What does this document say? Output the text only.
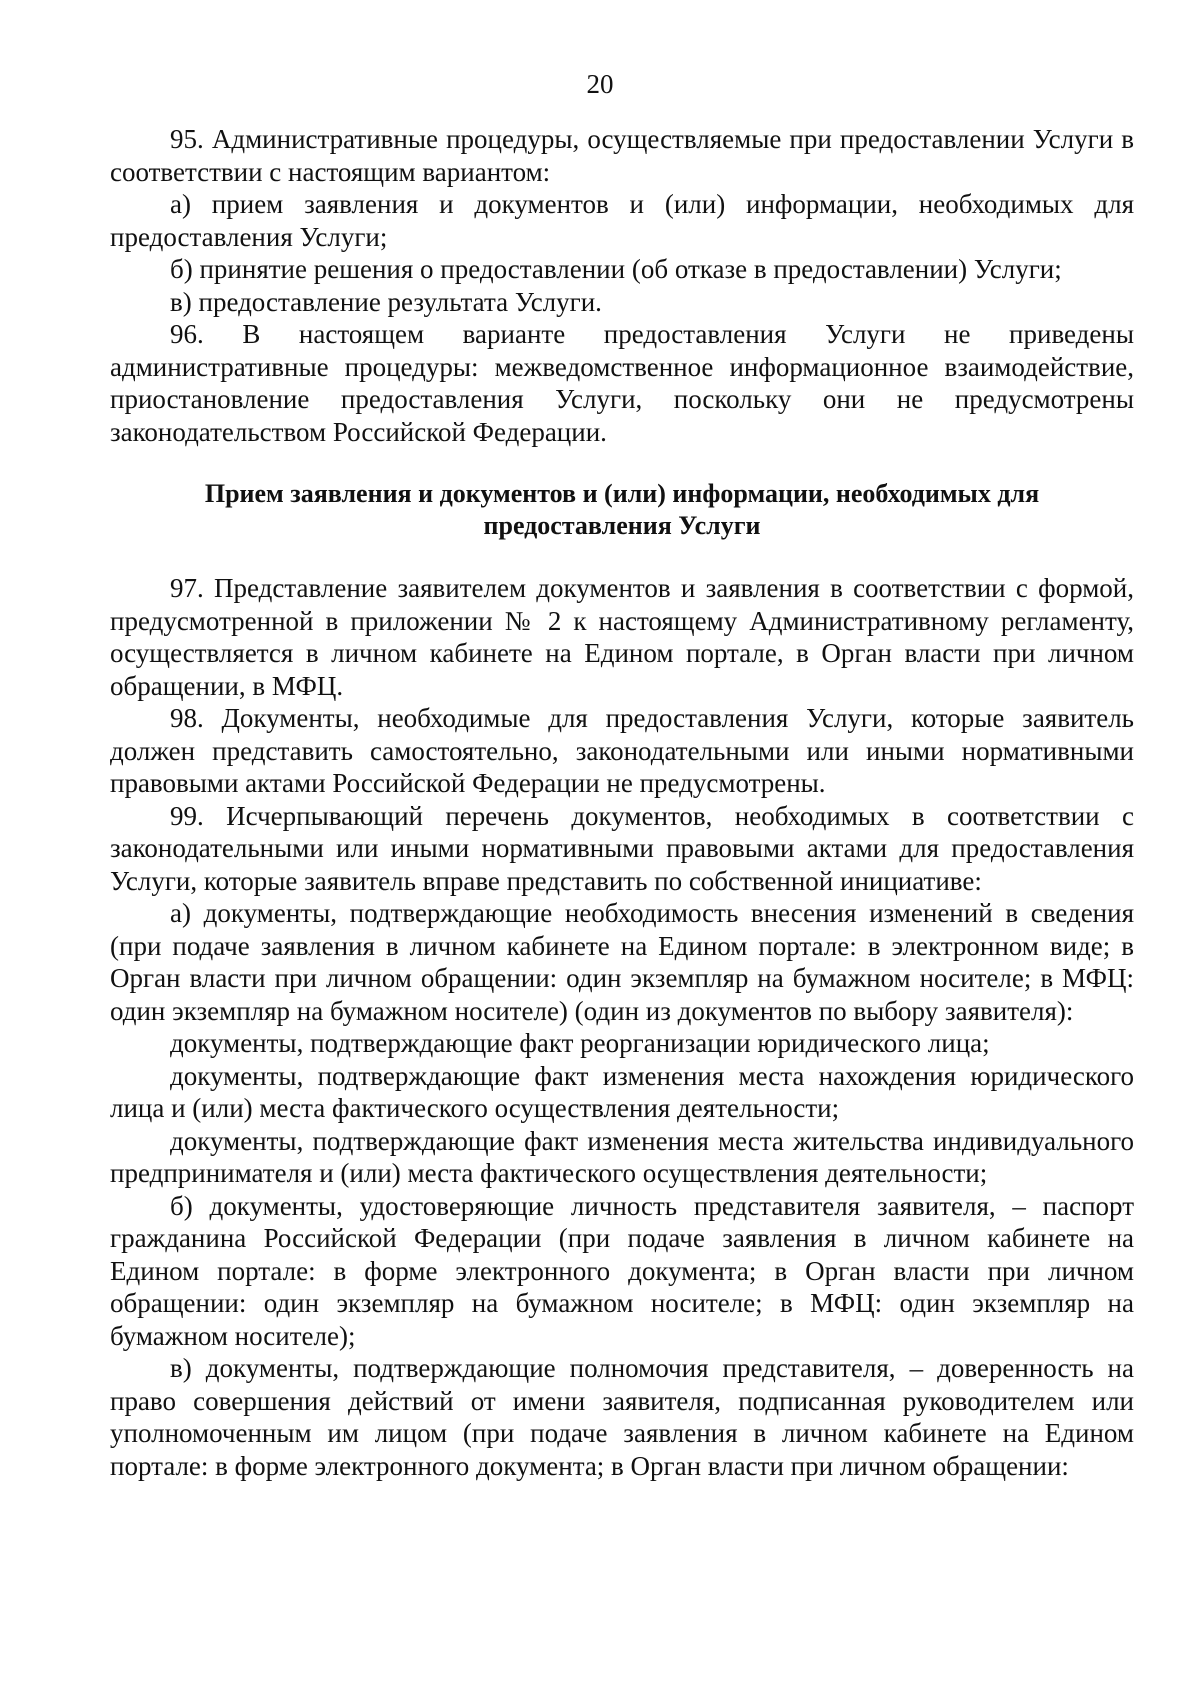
20

95. Административные процедуры, осуществляемые при предоставлении Услуги в соответствии с настоящим вариантом:

а) прием заявления и документов и (или) информации, необходимых для предоставления Услуги;

б) принятие решения о предоставлении (об отказе в предоставлении) Услуги;

в) предоставление результата Услуги.

96. В настоящем варианте предоставления Услуги не приведены административные процедуры: межведомственное информационное взаимодействие, приостановление предоставления Услуги, поскольку они не предусмотрены законодательством Российской Федерации.

Прием заявления и документов и (или) информации, необходимых для предоставления Услуги

97. Представление заявителем документов и заявления в соответствии с формой, предусмотренной в приложении № 2 к настоящему Административному регламенту, осуществляется в личном кабинете на Едином портале, в Орган власти при личном обращении, в МФЦ.

98. Документы, необходимые для предоставления Услуги, которые заявитель должен представить самостоятельно, законодательными или иными нормативными правовыми актами Российской Федерации не предусмотрены.

99. Исчерпывающий перечень документов, необходимых в соответствии с законодательными или иными нормативными правовыми актами для предоставления Услуги, которые заявитель вправе представить по собственной инициативе:

а) документы, подтверждающие необходимость внесения изменений в сведения (при подаче заявления в личном кабинете на Едином портале: в электронном виде; в Орган власти при личном обращении: один экземпляр на бумажном носителе; в МФЦ: один экземпляр на бумажном носителе) (один из документов по выбору заявителя):

документы, подтверждающие факт реорганизации юридического лица;

документы, подтверждающие факт изменения места нахождения юридического лица и (или) места фактического осуществления деятельности;

документы, подтверждающие факт изменения места жительства индивидуального предпринимателя и (или) места фактического осуществления деятельности;

б) документы, удостоверяющие личность представителя заявителя, – паспорт гражданина Российской Федерации (при подаче заявления в личном кабинете на Едином портале: в форме электронного документа; в Орган власти при личном обращении: один экземпляр на бумажном носителе; в МФЦ: один экземпляр на бумажном носителе);

в) документы, подтверждающие полномочия представителя, – доверенность на право совершения действий от имени заявителя, подписанная руководителем или уполномоченным им лицом (при подаче заявления в личном кабинете на Едином портале: в форме электронного документа; в Орган власти при личном обращении:
